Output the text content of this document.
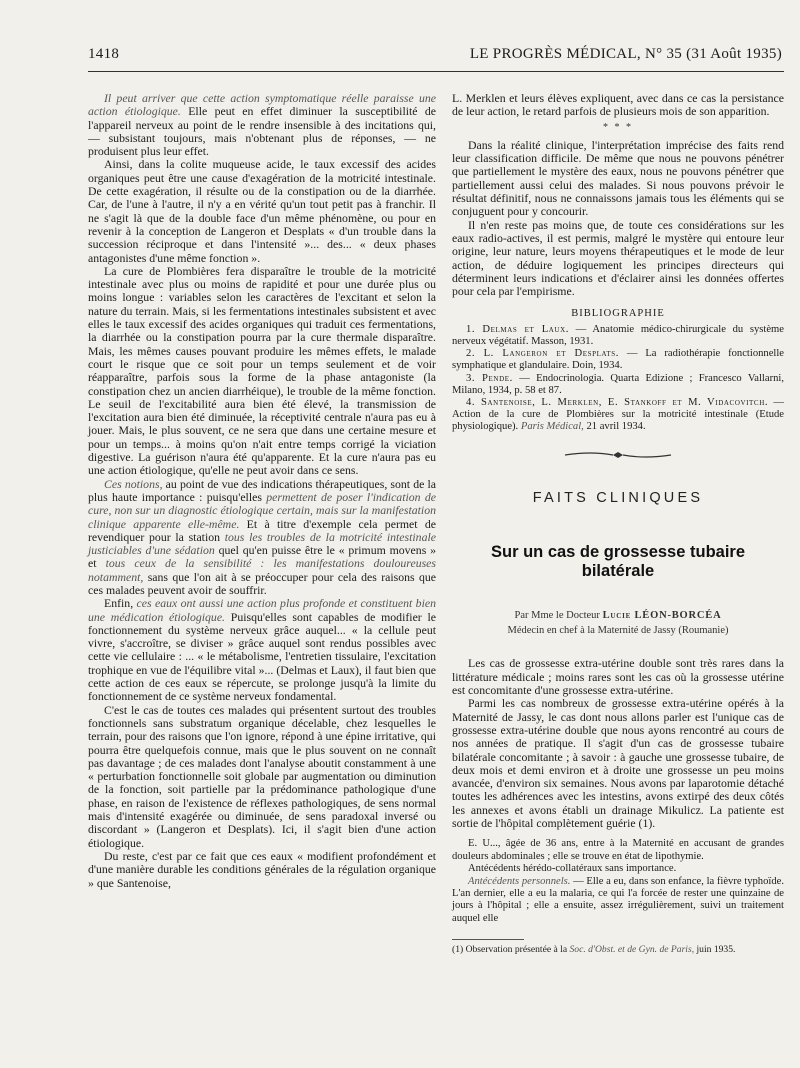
1418	LE PROGRÈS MÉDICAL, N° 35 (31 Août 1935)

Il peut arriver que cette action symptomatique réelle paraisse une action étiologique. Elle peut en effet diminuer la susceptibilité de l'appareil nerveux au point de le rendre insensible à des incitations qui, — subsistant toujours, mais n'obtenant plus de réponses, — ne produisent plus leur effet.

Ainsi, dans la colite muqueuse acide, le taux excessif des acides organiques peut être une cause d'exagération de la motricité intestinale. De cette exagération, il résulte ou de la constipation ou de la diarrhée. Car, de l'une à l'autre, il n'y a en vérité qu'un tout petit pas à franchir. Il ne s'agit là que de la double face d'un même phénomène, ou pour en revenir à la conception de Langeron et Desplats « d'un trouble dans la succession réciproque et dans l'intensité »... des... « deux phases antagonistes d'une même fonction ».

La cure de Plombières fera disparaître le trouble de la motricité intestinale avec plus ou moins de rapidité et pour une durée plus ou moins longue : variables selon les caractères de l'excitant et selon la nature du terrain. Mais, si les fermentations intestinales subsistent et avec elles le taux excessif des acides organiques qui traduit ces fermentations, la diarrhée ou la constipation pourra par la cure thermale disparaître. Mais, les mêmes causes pouvant produire les mêmes effets, le malade court le risque que ce soit pour un temps seulement et de voir réapparaître, parfois sous la forme de la phase antagoniste (la constipation chez un ancien diarrhéique), le trouble de la même fonction. Le seuil de l'excitabilité aura bien été élevé, la transmission de l'excitation aura bien été diminuée, la réceptivité centrale n'aura pas eu à jouer. Mais, le plus souvent, ce ne sera que dans une certaine mesure et pour un temps... à moins qu'on n'ait entre temps corrigé la viciation digestive. La guérison n'aura été qu'apparente. Et la cure n'aura pas eu une action étiologique, qu'elle ne peut avoir dans ce sens.

Ces notions, au point de vue des indications thérapeutiques, sont de la plus haute importance : puisqu'elles permettent de poser l'indication de cure, non sur un diagnostic étiologique certain, mais sur la manifestation clinique apparente elle-même. Et à titre d'exemple cela permet de revendiquer pour la station tous les troubles de la motricité intestinale justiciables d'une sédation quel qu'en puisse être le « primum movens » et tous ceux de la sensibilité : les manifestations douloureuses notamment, sans que l'on ait à se préoccuper pour cela des raisons que ces malades peuvent avoir de souffrir.

Enfin, ces eaux ont aussi une action plus profonde et constituent bien une médication étiologique. Puisqu'elles sont capables de modifier le fonctionnement du système nerveux grâce auquel... « la cellule peut vivre, s'accroître, se diviser » grâce auquel sont rendus possibles avec cette vie cellulaire : ... « le métabolisme, l'entretien tissulaire, l'excitation trophique en vue de l'équilibre vital »... (Delmas et Laux), il faut bien que cette action de ces eaux se répercute, se prolonge jusqu'à la limite du fonctionnement de ce système nerveux fondamental.

C'est le cas de toutes ces malades qui présentent surtout des troubles fonctionnels sans substratum organique décelable, chez lesquelles le terrain, pour des raisons que l'on ignore, répond à une épine irritative, qui pourra être quelquefois connue, mais que le plus souvent on ne connaît pas davantage ; de ces malades dont l'analyse aboutit constamment à une « perturbation fonctionnelle soit globale par augmentation ou diminution de la fonction, soit partielle par la prédominance pathologique d'une phase, en raison de l'existence de réflexes pathologiques, de sens normal mais d'intensité exagérée ou diminuée, de sens paradoxal inversé ou discordant » (Langeron et Desplats). Ici, il s'agit bien d'une action étiologique.

Du reste, c'est par ce fait que ces eaux « modifient profondément et d'une manière durable les conditions générales de la régulation organique » que Santenoise,

L. Merklen et leurs élèves expliquent, avec dans ce cas la persistance de leur action, le retard parfois de plusieurs mois de son apparition.

* * *

Dans la réalité clinique, l'interprétation imprécise des faits rend leur classification difficile. De même que nous ne pouvons pénétrer que partiellement le mystère des eaux, nous ne pouvons pénétrer que partiellement aussi celui des malades. Si nous pouvons prévoir le résultat définitif, nous ne connaissons jamais tous les éléments qui se conjuguent pour y concourir.

Il n'en reste pas moins que, de toute ces considérations sur les eaux radio-actives, il est permis, malgré le mystère qui entoure leur origine, leur nature, leurs moyens thérapeutiques et le mode de leur action, de déduire logiquement les principes directeurs qui déterminent leurs indications et d'éclairer ainsi les données offertes pour cela par l'empirisme.

BIBLIOGRAPHIE

1. Delmas et Laux. — Anatomie médico-chirurgicale du système nerveux végétatif. Masson, 1931.

2. L. Langeron et Desplats. — La radiothérapie fonctionnelle symphatique et glandulaire. Doin, 1934.

3. Pende. — Endocrinologia. Quarta Edizione ; Francesco Vallarni, Milano, 1934, p. 58 et 87.

4. Santenoise, L. Merklen, E. Stankoff et M. Vidacovitch. — Action de la cure de Plombières sur la motricité intestinale (Etude physiologique). Paris Médical, 21 avril 1934.

FAITS CLINIQUES
Sur un cas de grossesse tubaire
bilatérale
Par Mme le Docteur Lucie LÉON-BORCÉA
Médecin en chef à la Maternité de Jassy (Roumanie)

Les cas de grossesse extra-utérine double sont très rares dans la littérature médicale ; moins rares sont les cas où la grossesse utérine est concomitante d'une grossesse extra-utérine.

Parmi les cas nombreux de grossesse extra-utérine opérés à la Maternité de Jassy, le cas dont nous allons parler est l'unique cas de grossesse extra-utérine double que nous ayons rencontré au cours de nos années de pratique. Il s'agit d'un cas de grossesse tubaire bilatérale concomitante ; à savoir : à gauche une grossesse tubaire, de deux mois et demi environ et à droite une grossesse un peu moins avancée, d'environ six semaines. Nous avons par laparotomie détaché toutes les adhérences avec les intestins, avons extirpé des deux côtés les annexes et avons établi un drainage Mikulicz. La patiente est sortie de l'hôpital complètement guérie (1).

E. U..., âgée de 36 ans, entre à la Maternité en accusant de grandes douleurs abdominales ; elle se trouve en état de lipothymie.

Antécédents hérédo-collatéraux sans importance.

Antécédents personnels. — Elle a eu, dans son enfance, la fièvre typhoïde. L'an dernier, elle a eu la malaria, ce qui l'a forcée de rester une quinzaine de jours à l'hôpital ; elle a ensuite, assez irrégulièrement, suivi un traitement auquel elle

(1) Observation présentée à la Soc. d'Obst. et de Gyn. de Paris, juin 1935.
